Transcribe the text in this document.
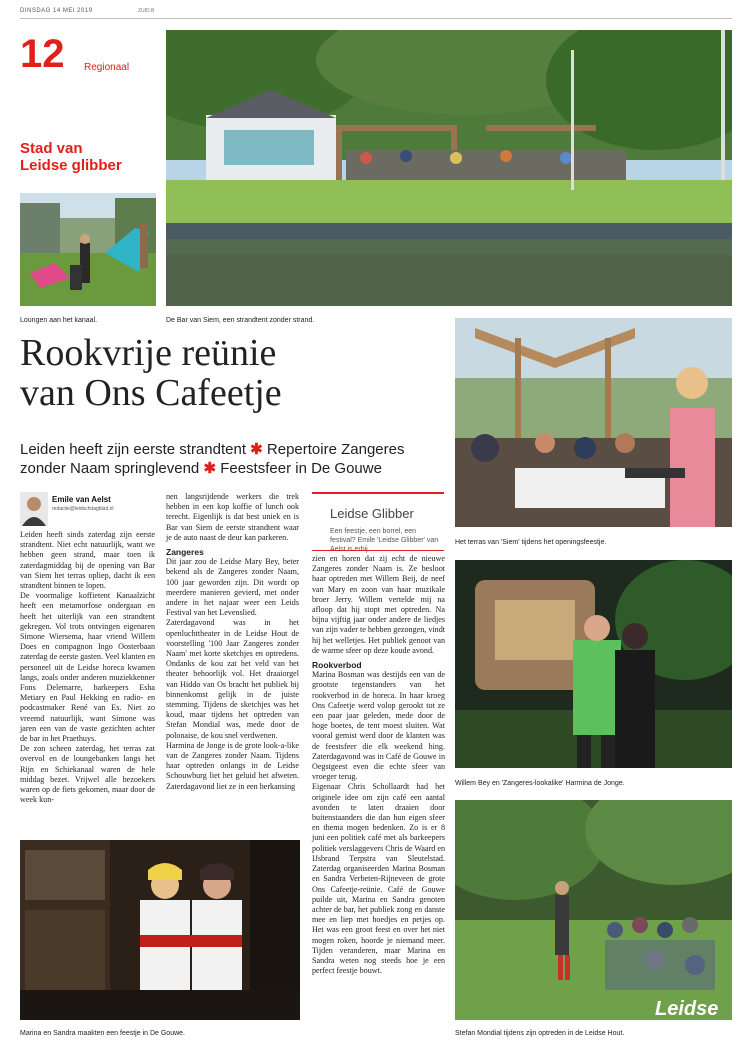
DINSDAG 14 MEI 2019	ZUID.B
12 Regionaal
Stad van
Leidse glibber
Loungen aan het kanaal.	De Bar van Siem, een strandtent zonder strand.
Rookvrije reünie
van Ons Cafeetje
Leiden heeft zijn eerste strandtent ✱ Repertoire Zangeres zonder Naam springlevend ✱ Feestsfeer in De Gouwe
Emile van Aelst
redactie@leidschdagblad.nl

Leiden heeft sinds zaterdag zijn eerste strandtent. Niet echt natuurlijk, want we hebben geen strand, maar toen ik zaterdagmiddag bij de opening van Bar van Siem het terras opliep, dacht ik een strandtent binnen te lopen.

De voormalige koffietent Kanaalzicht heeft een metamorfose ondergaan en heeft het uiterlijk van een strandtent gekregen. Vol trots ontvingen eigenaren Simone Wiersema, haar vriend Willem Does en compagnon Ingo Oosterbaan zaterdag de eerste gasten. Veel klanten en personeel uit de Leidse horeca kwamen langs, zoals onder anderen muziekkenner Fons Delemarre, barkeepers Esha Metiary en Paul Hekking en radio- en podcastmaker René van Es. Niet zo vreemd natuurlijk, want Simone was jaren een van de vaste gezichten achter de bar in het Praethuys.

De zon scheen zaterdag, het terras zat overvol en de loungebanken langs het Rijn en Schiekanaal waren de hele middag bezet. Vrijwel alle bezoekers waren op de fiets gekomen, maar door de week kun-

nen langsrijdende werkers die trek hebben in een kop koffie of lunch ook terecht. Eigenlijk is dat best uniek en is Bar van Siem de eerste strandtent waar je de auto naast de deur kan parkeren.

Zangeres

Dit jaar zou de Leidse Mary Bey, beter bekend als de Zangeres zonder Naam, 100 jaar geworden zijn. Dit wordt op meerdere manieren gevierd, met onder andere in het najaar weer een Leids Festival van het Levenslied.

Zaterdagavond was in het openluchttheater in de Leidse Hout de voorstelling '100 Jaar Zangeres zonder Naam' met korte sketchjes en optredens. Ondanks de kou zat het veld van het theater behoorlijk vol. Het draaiorgel van Hiddo van Os bracht het publiek bij binnenkomst gelijk in de juiste stemming. Tijdens de sketchjes was het koud, maar tijdens het optreden van Stefan Mondial was, mede door de polonaise, de kou snel verdwenen.

Harmina de Jonge is de grote look-a-like van de Zangeres zonder Naam. Tijdens haar optreden onlangs in de Leidse Schouwburg liet het geluid het afweten. Zaterdagavond liet ze in een herkansing

Leidse Glibber
Een feestje, een borrel, een festival? Emile 'Leidse Glibber' van

zien en horen dat zij echt de nieuwe Zangeres zonder Naam is. Ze besloot haar optreden met Willem Beij, de neef van Mary en zoon van haar muzikale broer Jerry. Willem vertelde mij na afloop dat hij stopt met optreden. Na bijna vijftig jaar onder andere de liedjes van zijn vader te hebben gezongen, vindt hij het welletjes. Het publiek genoot van de warme sfeer op deze koude avond.

Rookverbod

Marina Bosman was destijds een van de grootste tegenstanders van het rookverbod in de horeca. In haar kroeg Ons Cafeetje werd volop gerookt tot ze een paar jaar geleden, mede door de hoge boetes, de tent moest sluiten. Wat vooral gemist werd door de klanten was de feestsfeer die elk weekend hing. Zaterdagavond was in Café de Gouwe in Oegstgeest even die echte sfeer van vroeger terug.

Eigenaar Chris Schollaardt had het originele idee om zijn café een aantal avonden te laten draaien door buitenstaanders die dan hun eigen sfeer en thema mogen bedenken. Zo is er 8 juni een politiek café met als barkeepers politiek verslaggevers Chris de Waard en IJsbrand Terpstra van Sleutelstad. Zaterdag organiseerden Marina Bosman en Sandra Verbeten-Rijneveen de grote Ons Cafeetje-reünie. Café de Gouwe puilde uit, Marina en Sandra genoten achter de bar, het publiek zong en danste mee en liep met hoedjes en petjes op. Het was een groot feest en over het niet mogen roken, hoorde je niemand meer. Tijden veranderen, maar Marina en Sandra weten nog steeds hoe je een perfect feestje bouwt.

Het terras van 'Siem' tijdens het openingsfeestje.
Willem Bey en 'Zangeres-lookalike' Harmina de Jonge.
Marina en Sandra maakten een feestje in De Gouwe.	Stefan Mondial tijdens zijn optreden in de Leidse Hout.
Leidse
